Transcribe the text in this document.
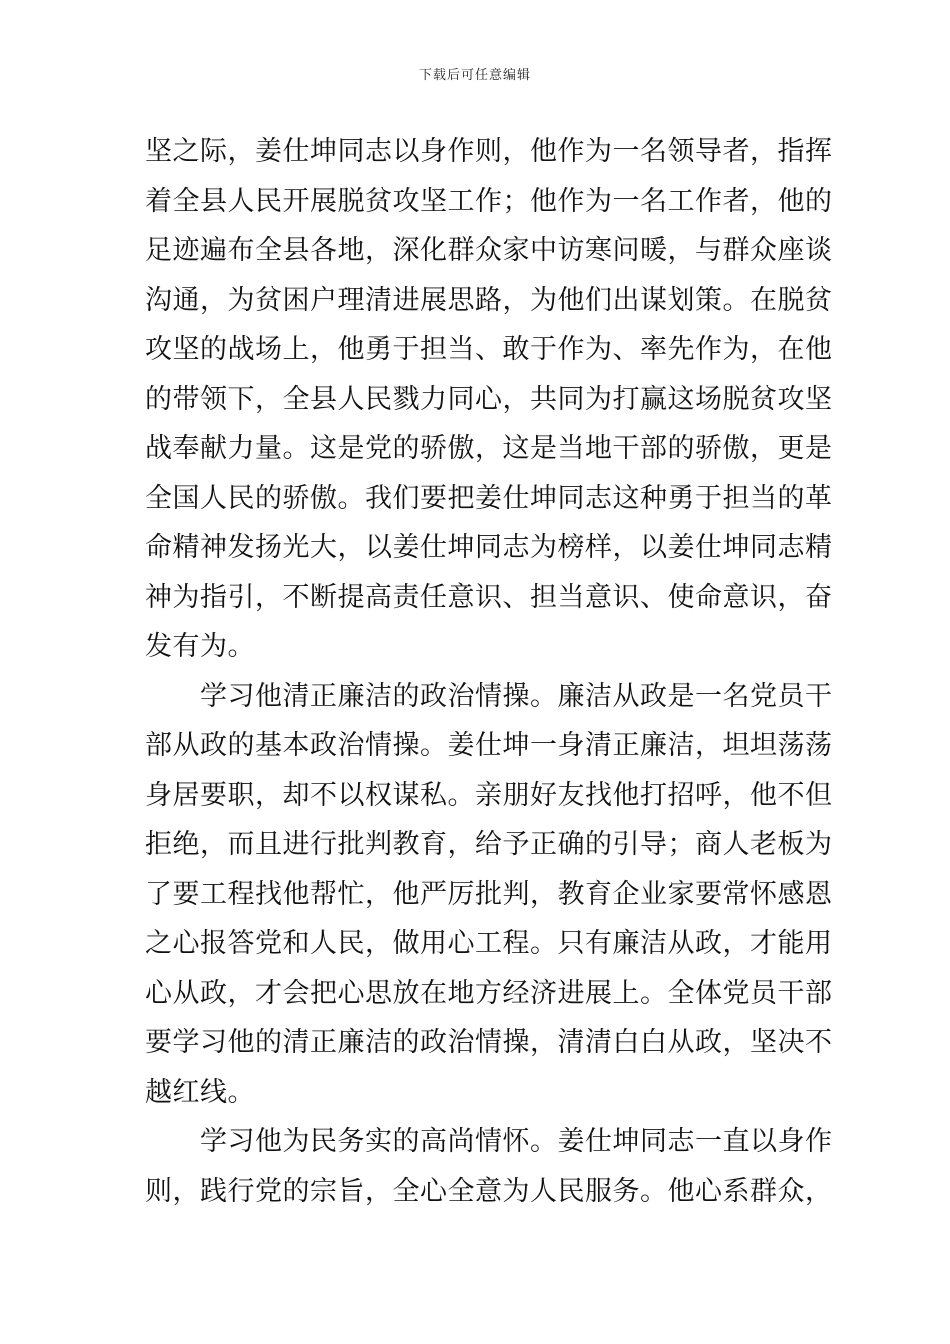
下载后可任意编辑
坚之际，姜仕坤同志以身作则，他作为一名领导者，指挥
着全县人民开展脱贫攻坚工作；他作为一名工作者，他的
足迹遍布全县各地，深化群众家中访寒问暖，与群众座谈
沟通，为贫困户理清进展思路，为他们出谋划策。在脱贫
攻坚的战场上，他勇于担当、敢于作为、率先作为，在他
的带领下，全县人民戮力同心，共同为打赢这场脱贫攻坚
战奉献力量。这是党的骄傲，这是当地干部的骄傲，更是
全国人民的骄傲。我们要把姜仕坤同志这种勇于担当的革
命精神发扬光大，以姜仕坤同志为榜样，以姜仕坤同志精
神为指引，不断提高责任意识、担当意识、使命意识，奋
发有为。
　　学习他清正廉洁的政治情操。廉洁从政是一名党员干
部从政的基本政治情操。姜仕坤一身清正廉洁，坦坦荡荡
身居要职，却不以权谋私。亲朋好友找他打招呼，他不但
拒绝，而且进行批判教育，给予正确的引导；商人老板为
了要工程找他帮忙，他严厉批判，教育企业家要常怀感恩
之心报答党和人民，做用心工程。只有廉洁从政，才能用
心从政，才会把心思放在地方经济进展上。全体党员干部
要学习他的清正廉洁的政治情操，清清白白从政，坚决不
越红线。
　　学习他为民务实的高尚情怀。姜仕坤同志一直以身作
则，践行党的宗旨，全心全意为人民服务。他心系群众，
